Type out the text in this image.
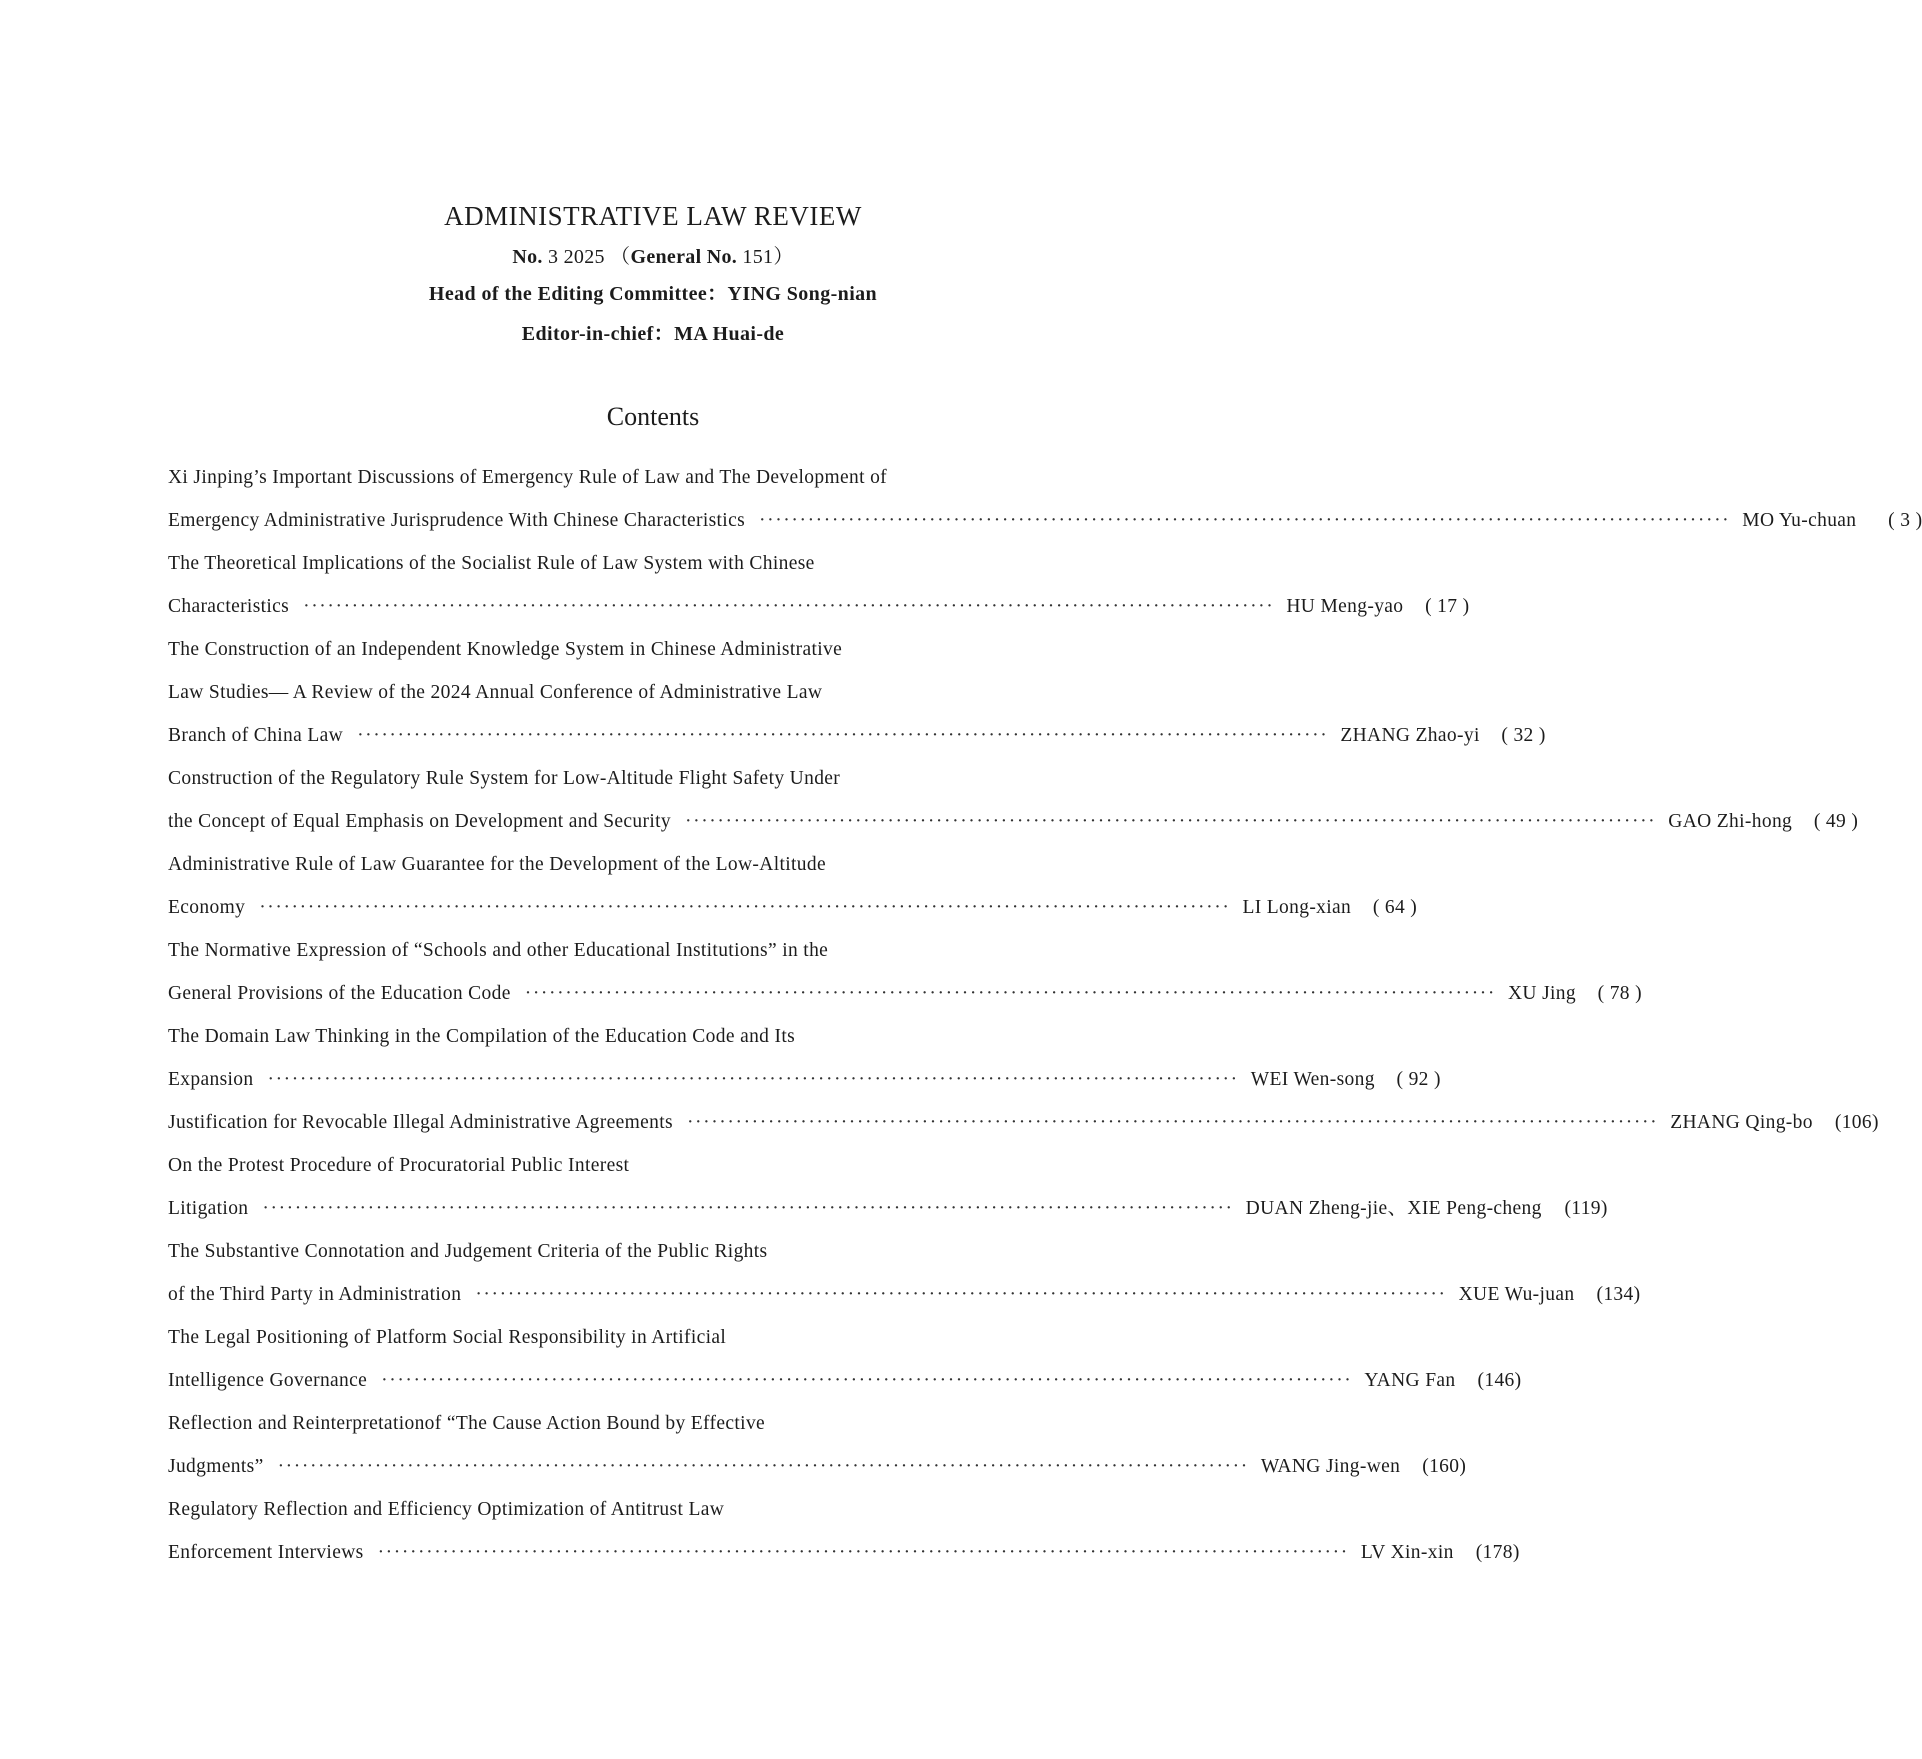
ADMINISTRATIVE LAW REVIEW
No. 3 2025 （General No. 151）
Head of the Editing Committee：YING Song-nian
Editor-in-chief：MA Huai-de
Contents
Xi Jinping’s Important Discussions of Emergency Rule of Law and The Development of
Emergency Administrative Jurisprudence With Chinese Characteristics ························································································································ MO Yu-chuan	( 3 )
The Theoretical Implications of the Socialist Rule of Law System with Chinese
Characteristics ························································································································ HU Meng-yao	( 17 )
The Construction of an Independent Knowledge System in Chinese Administrative
Law Studies— A Review of the 2024 Annual Conference of Administrative Law
Branch of China Law ························································································································ ZHANG Zhao-yi	( 32 )
Construction of the Regulatory Rule System for Low-Altitude Flight Safety Under
the Concept of Equal Emphasis on Development and Security ························································································································ GAO Zhi-hong	( 49 )
Administrative Rule of Law Guarantee for the Development of the Low-Altitude
Economy ························································································································ LI Long-xian	( 64 )
The Normative Expression of “Schools and other Educational Institutions” in the
General Provisions of the Education Code ························································································································ XU Jing	( 78 )
The Domain Law Thinking in the Compilation of the Education Code and Its
Expansion ························································································································ WEI Wen-song	( 92 )
Justification for Revocable Illegal Administrative Agreements ························································································································ ZHANG Qing-bo	(106)
On the Protest Procedure of Procuratorial Public Interest
Litigation ························································································································ DUAN Zheng-jie、XIE Peng-cheng	(119)
The Substantive Connotation and Judgement Criteria of the Public Rights
of the Third Party in Administration ························································································································ XUE Wu-juan	(134)
The Legal Positioning of Platform Social Responsibility in Artificial
Intelligence Governance ························································································································ YANG Fan	(146)
Reflection and Reinterpretationof “The Cause Action Bound by Effective
Judgments” ························································································································ WANG Jing-wen	(160)
Regulatory Reflection and Efficiency Optimization of Antitrust Law
Enforcement Interviews ························································································································ LV Xin-xin	(178)
